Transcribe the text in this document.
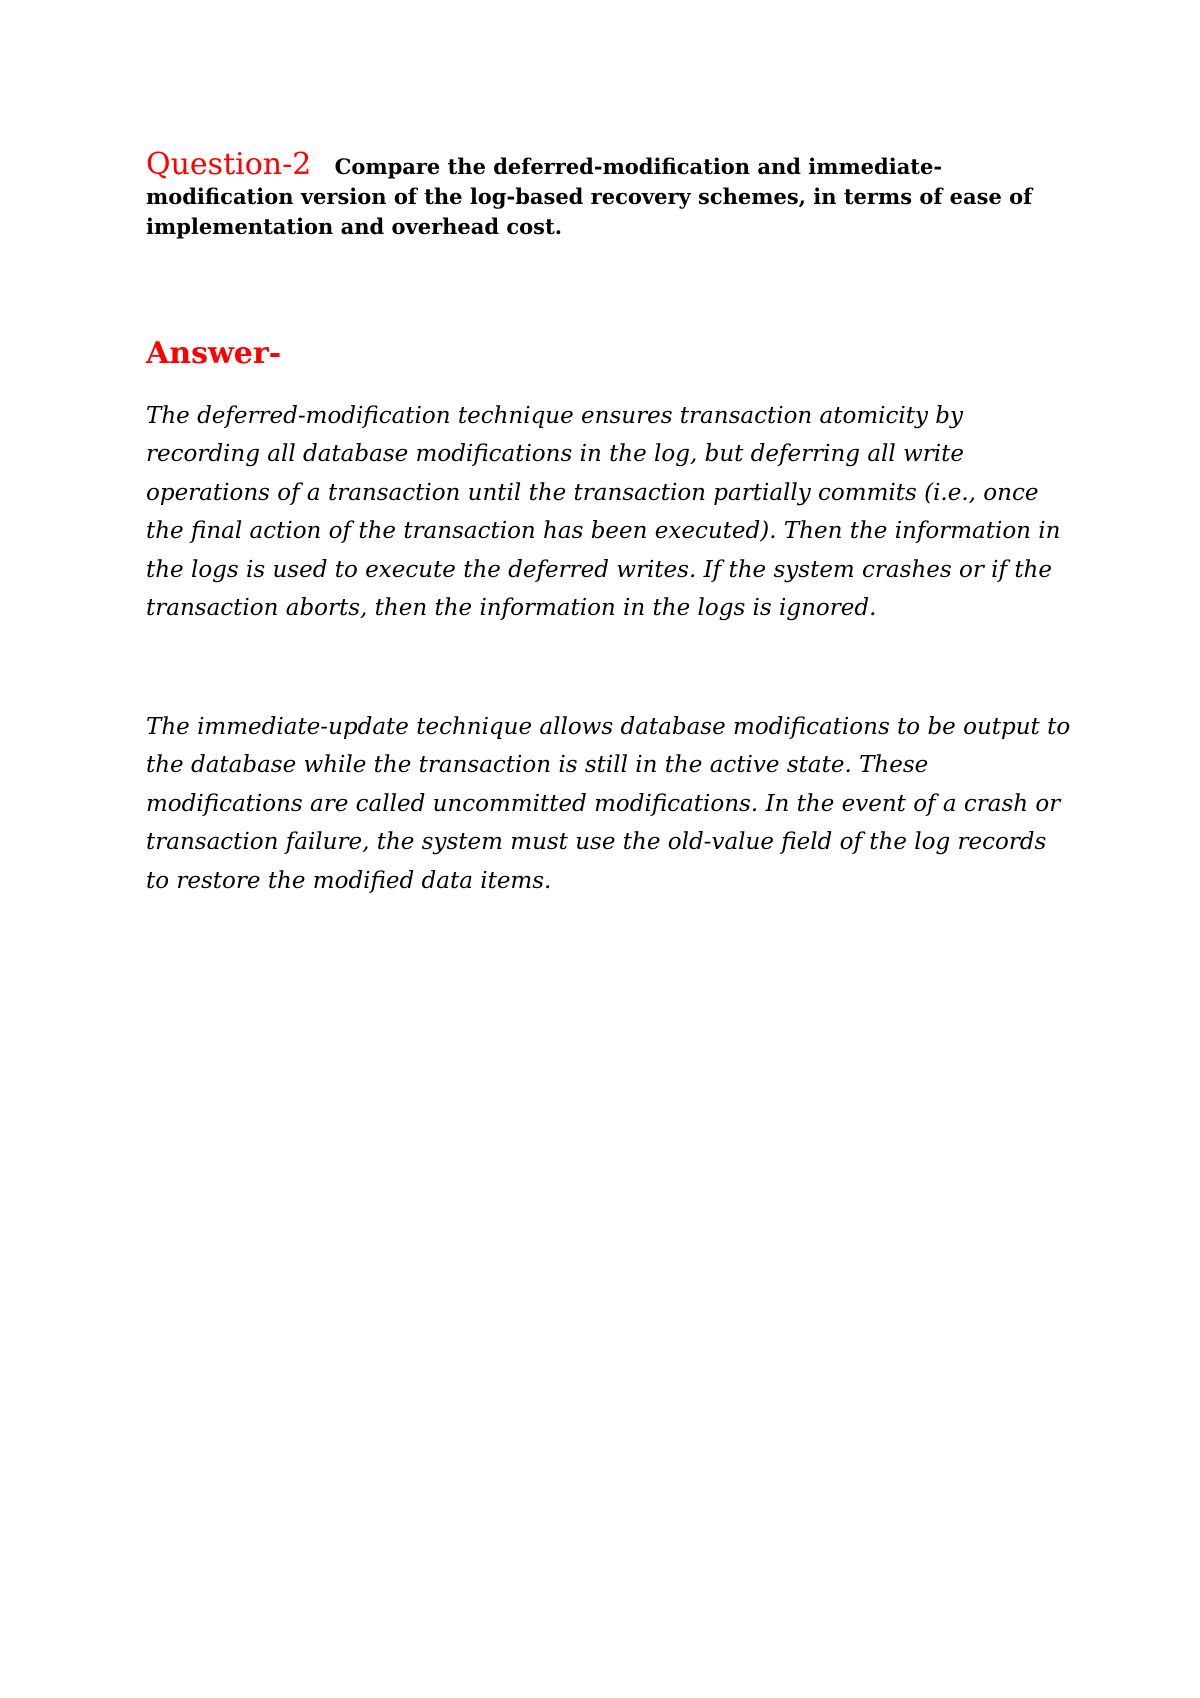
Question-2 Compare the deferred-modification and immediate-modification version of the log-based recovery schemes, in terms of ease of implementation and overhead cost.
Answer-
The deferred-modification technique ensures transaction atomicity by recording all database modifications in the log, but deferring all write operations of a transaction until the transaction partially commits (i.e., once the final action of the transaction has been executed). Then the information in the logs is used to execute the deferred writes. If the system crashes or if the transaction aborts, then the information in the logs is ignored.
The immediate-update technique allows database modifications to be output to the database while the transaction is still in the active state. These modifications are called uncommitted modifications. In the event of a crash or transaction failure, the system must use the old-value field of the log records to restore the modified data items.
